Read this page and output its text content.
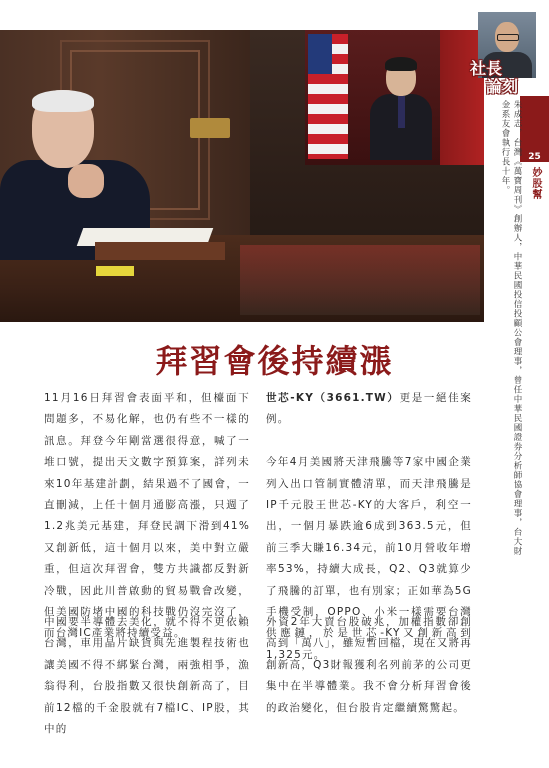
社長
論刻
25
妙股幫
朱成志，台灣《萬寶周刊》創辦人，中華民國投信投顧公會理事，曾任中華民國證券分析師協會理事，台大財金系友會執行長十年。
拜習會後持續漲

11月16日拜習會表面平和，但檯面下問題多，不易化解，也仍有些不一樣的訊息。拜登今年剛當選很得意，喊了一堆口號，提出天文數字預算案，詳列未來10年基建計劃，結果過不了國會，一直刪減，上任十個月通膨高漲，只週了1.2兆美元基建，拜登民調下滑到41%又創新低，這十個月以來，美中對立嚴重，但這次拜習會，雙方共識都反對新冷戰，因此川普啟動的貿易戰會改變，但美國防堵中國的科技戰仍沒完沒了，而台灣IC產業將持續受益。

世芯-KY（3661.TW）更是一絕佳案例。

今年4月美國將天津飛騰等7家中國企業列入出口管制實體清單，而天津飛騰是IP千元股王世芯-KY的大客戶，利空一出，一個月暴跌逾6成到363.5元，但前三季大賺16.34元，前10月營收年增率53%，持續大成長，Q2、Q3就算少了飛騰的訂單，也有別家；正如華為5G手機受制，OPPO、小米一樣需要台灣供應鏈，於是世芯-KY又創新高到1,325元。

中國要半導體去美化，就不得不更依賴台灣，車用晶片缺貨與先進製程技術也讓美國不得不綁緊台灣，兩強相爭，漁翁得利，台股指數又很快創新高了，目前12檔的千金股就有7檔IC、IP股，其中的

外資2年大賣台股破兆，加權指數卻創高到「萬八」，雖短暫回檔，現在又將再創新高，Q3財報獲利名列前茅的公司更集中在半導體業。我不會分析拜習會後的政治變化，但台股肯定繼續驚驚起。
